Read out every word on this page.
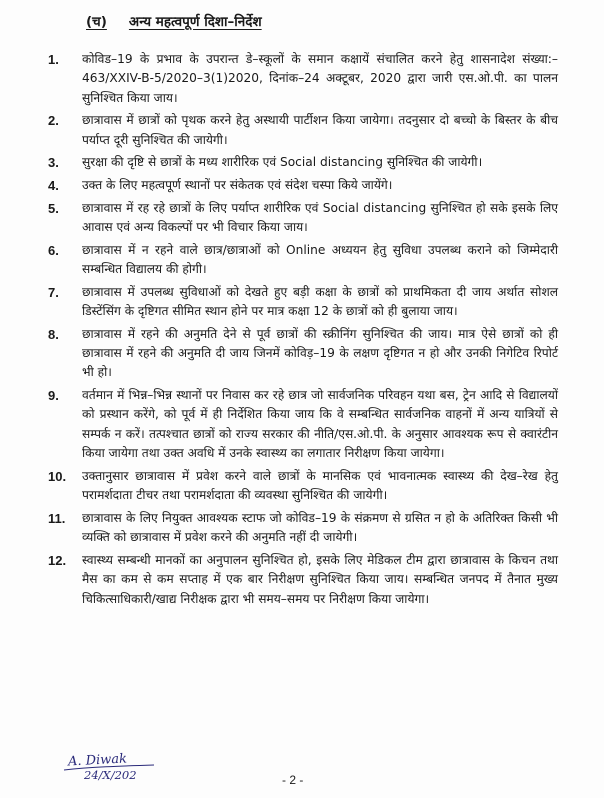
(च) अन्य महत्वपूर्ण दिशा–निर्देश
1.	कोविड–19 के प्रभाव के उपरान्त डे–स्कूलों के समान कक्षायें संचालित करने हेतु शासनादेश संख्या:–463/XXIV-B-5/2020–3(1)2020, दिनांक–24 अक्टूबर, 2020 द्वारा जारी एस.ओ.पी. का पालन सुनिश्चित किया जाय।
2.	छात्रावास में छात्रों को पृथक करने हेतु अस्थायी पार्टीशन किया जायेगा। तदनुसार दो बच्चो के बिस्तर के बीच पर्याप्त दूरी सुनिश्चित की जायेगी।
3.	सुरक्षा की दृष्टि से छात्रों के मध्य शारीरिक एवं Social distancing सुनिश्चित की जायेगी।
4.	उक्त के लिए महत्वपूर्ण स्थानों पर संकेतक एवं संदेश चस्पा किये जायेंगे।
5.	छात्रावास में रह रहे छात्रों के लिए पर्याप्त शारीरिक एवं Social distancing सुनिश्चित हो सके इसके लिए आवास एवं अन्य विकल्पों पर भी विचार किया जाय।
6.	छात्रावास में न रहने वाले छात्र/छात्राओं को Online अध्ययन हेतु सुविधा उपलब्ध कराने को जिम्मेदारी सम्बन्धित विद्यालय की होगी।
7.	छात्रावास में उपलब्ध सुविधाओं को देखते हुए बड़ी कक्षा के छात्रों को प्राथमिकता दी जाय अर्थात सोशल डिस्टेंसिंग के दृष्टिगत सीमित स्थान होने पर मात्र कक्षा 12 के छात्रों को ही बुलाया जाय।
8.	छात्रावास में रहने की अनुमति देने से पूर्व छात्रों की स्क्रीनिंग सुनिश्चित की जाय। मात्र ऐसे छात्रों को ही छात्रावास में रहने की अनुमति दी जाय जिनमें कोविड़–19 के लक्षण दृष्टिगत न हो और उनकी निगेटिव रिपोर्ट भी हो।
9.	वर्तमान में भिन्न–भिन्न स्थानों पर निवास कर रहे छात्र जो सार्वजनिक परिवहन यथा बस, ट्रेन आदि से विद्यालयों को प्रस्थान करेंगे, को पूर्व में ही निर्देशित किया जाय कि वे सम्बन्धित सार्वजनिक वाहनों में अन्य यात्रियों से सम्पर्क न करें। तत्पश्चात छात्रों को राज्य सरकार की नीति/एस.ओ.पी. के अनुसार आवश्यक रूप से क्वारंटीन किया जायेगा तथा उक्त अवधि में उनके स्वास्थ्य का लगातार निरीक्षण किया जायेगा।
10.	उक्तानुसार छात्रावास में प्रवेश करने वाले छात्रों के मानसिक एवं भावनात्मक स्वास्थ्य की देख–रेख हेतु परामर्शदाता टीचर तथा परामर्शदाता की व्यवस्था सुनिश्चित की जायेगी।
11.	छात्रावास के लिए नियुक्त आवश्यक स्टाफ जो कोविड–19 के संक्रमण से ग्रसित न हो के अतिरिक्त किसी भी व्यक्ति को छात्रावास में प्रवेश करने की अनुमति नहीं दी जायेगी।
12.	स्वास्थ्य सम्बन्धी मानकों का अनुपालन सुनिश्चित हो, इसके लिए मेडिकल टीम द्वारा छात्रावास के किचन तथा मैस का कम से कम सप्ताह में एक बार निरीक्षण सुनिश्चित किया जाय। सम्बन्धित जनपद में तैनात मुख्य चिकित्साधिकारी/खाद्य निरीक्षक द्वारा भी समय–समय पर निरीक्षण किया जायेगा।
A. Diwak
24/X/202	- 2 -
